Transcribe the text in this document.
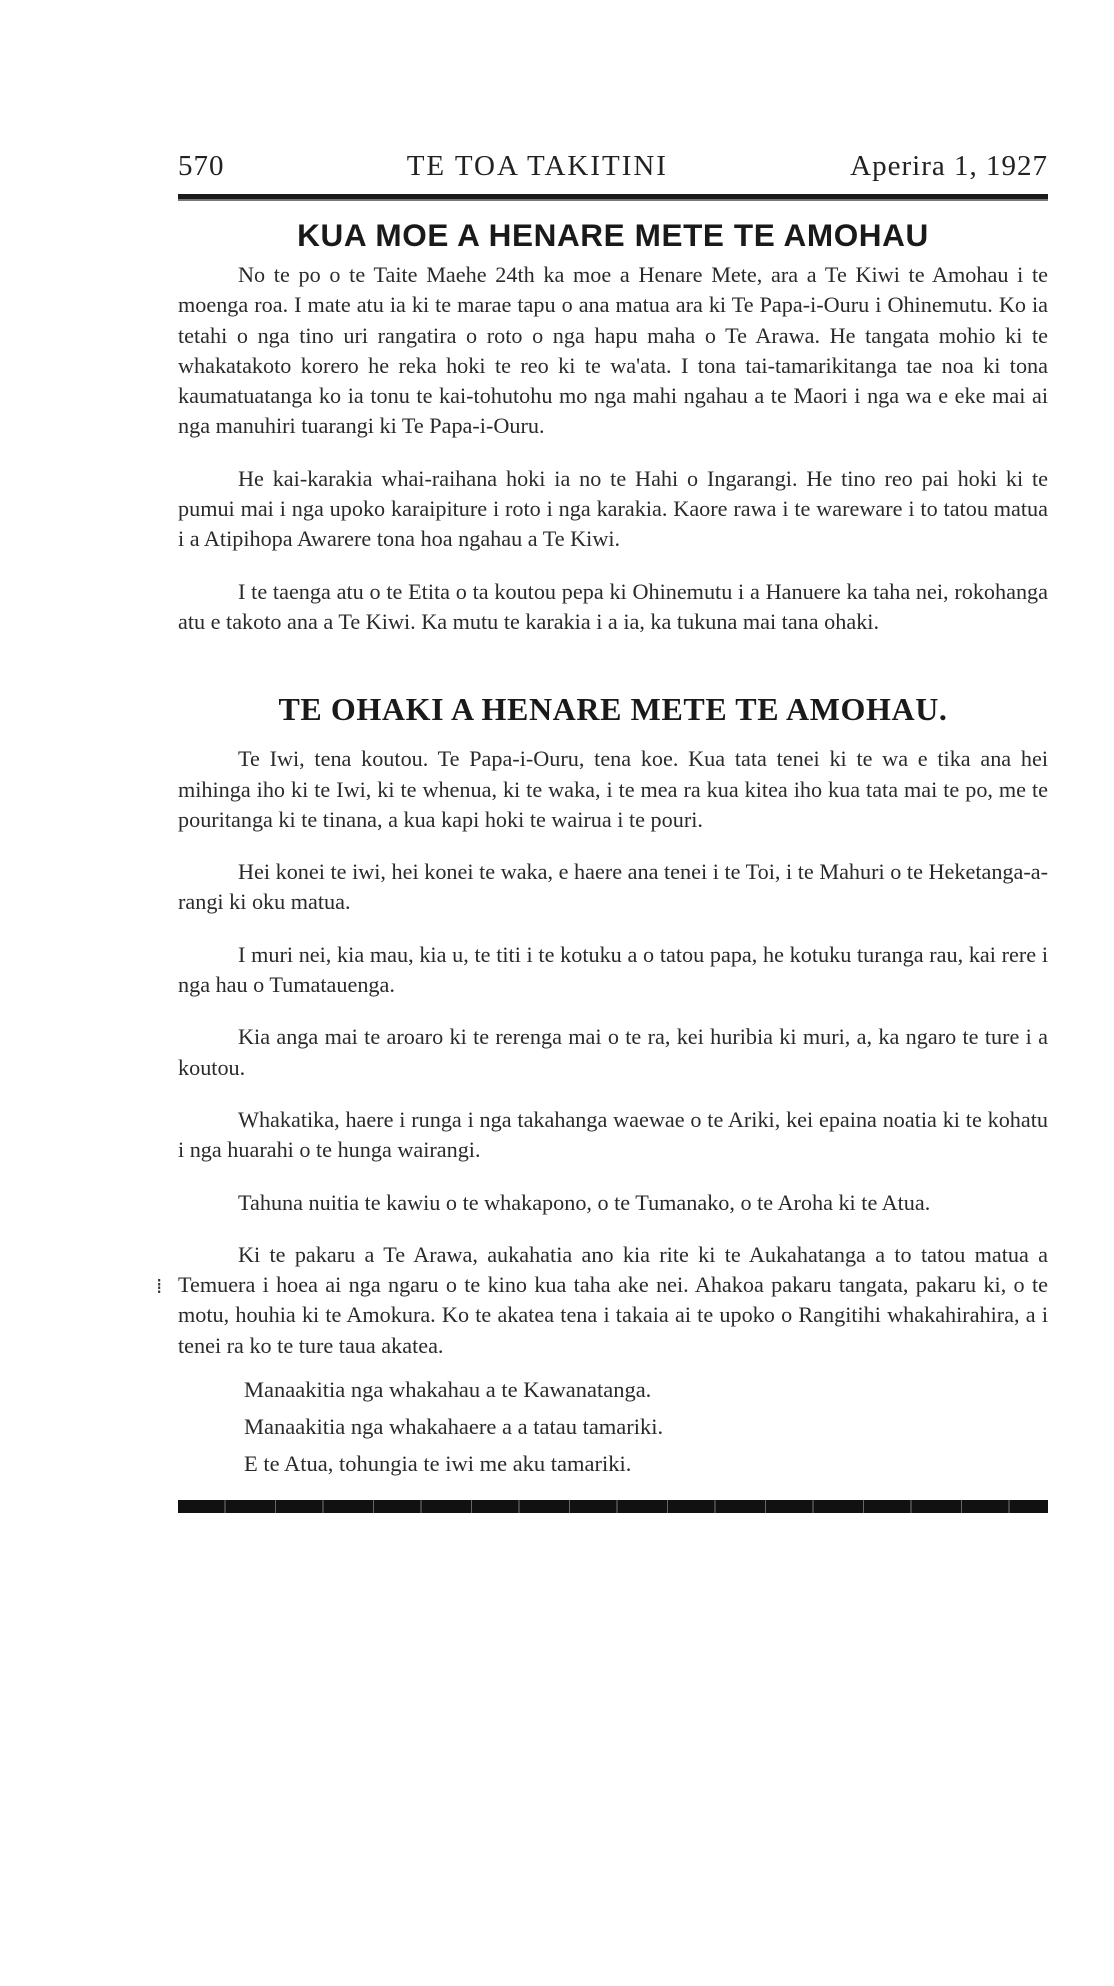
⁞
570	TE TOA TAKITINI	Aperira 1, 1927
KUA MOE A HENARE METE TE AMOHAU

No te po o te Taite Maehe 24th ka moe a Henare Mete, ara a Te Kiwi te Amohau i te moenga roa. I mate atu ia ki te marae tapu o ana matua ara ki Te Papa-i-Ouru i Ohinemutu. Ko ia tetahi o nga tino uri rangatira o roto o nga hapu maha o Te Arawa. He tangata mohio ki te whakatakoto korero he reka hoki te reo ki te wa'ata. I tona tai-tamarikitanga tae noa ki tona kaumatuatanga ko ia tonu te kai-tohutohu mo nga mahi ngahau a te Maori i nga wa e eke mai ai nga manuhiri tuarangi ki Te Papa-i-Ouru.

He kai-karakia whai-raihana hoki ia no te Hahi o Ingarangi. He tino reo pai hoki ki te pumui mai i nga upoko karaipiture i roto i nga karakia. Kaore rawa i te wareware i to tatou matua i a Atipihopa Awarere tona hoa ngahau a Te Kiwi.

I te taenga atu o te Etita o ta koutou pepa ki Ohinemutu i a Hanuere ka taha nei, rokohanga atu e takoto ana a Te Kiwi. Ka mutu te karakia i a ia, ka tukuna mai tana ohaki.

TE OHAKI A HENARE METE TE AMOHAU.

Te Iwi, tena koutou. Te Papa-i-Ouru, tena koe. Kua tata tenei ki te wa e tika ana hei mihinga iho ki te Iwi, ki te whenua, ki te waka, i te mea ra kua kitea iho kua tata mai te po, me te pouritanga ki te tinana, a kua kapi hoki te wairua i te pouri.

Hei konei te iwi, hei konei te waka, e haere ana tenei i te Toi, i te Mahuri o te Heketanga-a-rangi ki oku matua.

I muri nei, kia mau, kia u, te titi i te kotuku a o tatou papa, he kotuku turanga rau, kai rere i nga hau o Tumatauenga.

Kia anga mai te aroaro ki te rerenga mai o te ra, kei huribia ki muri, a, ka ngaro te ture i a koutou.

Whakatika, haere i runga i nga takahanga waewae o te Ariki, kei epaina noatia ki te kohatu i nga huarahi o te hunga wairangi.

Tahuna nuitia te kawiu o te whakapono, o te Tumanako, o te Aroha ki te Atua.

Ki te pakaru a Te Arawa, aukahatia ano kia rite ki te Aukahatanga a to tatou matua a Temuera i hoea ai nga ngaru o te kino kua taha ake nei. Ahakoa pakaru tangata, pakaru ki, o te motu, houhia ki te Amokura. Ko te akatea tena i takaia ai te upoko o Rangitihi whakahirahira, a i tenei ra ko te ture taua akatea.

Manaakitia nga whakahau a te Kawanatanga.
Manaakitia nga whakahaere a a tatau tamariki.
E te Atua, tohungia te iwi me aku tamariki.
